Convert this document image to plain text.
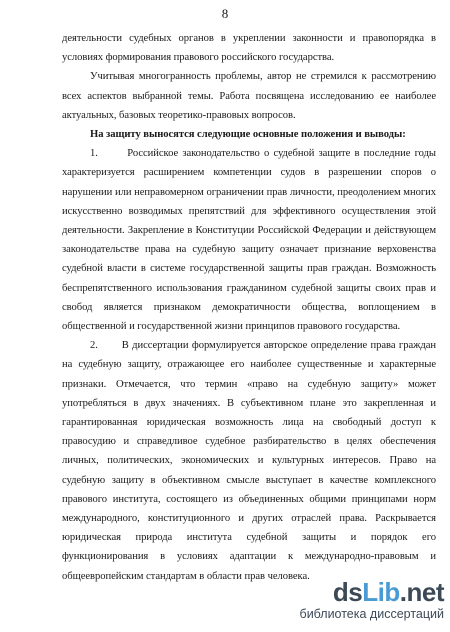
8

деятельности судебных органов в укреплении законности и правопорядка в условиях формирования правового российского государства.

Учитывая многогранность проблемы, автор не стремился к рассмотрению всех аспектов выбранной темы. Работа посвящена исследованию ее наиболее актуальных, базовых теоретико-правовых вопросов.

На защиту выносятся следующие основные положения и выводы:

1.	Российское законодательство о судебной защите в последние годы характеризуется расширением компетенции судов в разрешении споров о нарушении или неправомерном ограничении прав личности, преодолением многих искусственно возводимых препятствий для эффективного осуществления этой деятельности. Закрепление в Конституции Российской Федерации и действующем законодательстве права на судебную защиту означает признание верховенства судебной власти в системе государственной защиты прав граждан. Возможность беспрепятственного использования гражданином судебной защиты своих прав и свобод является признаком демократичности общества, воплощением в общественной и государственной жизни принципов правового государства.

2. В диссертации формулируется авторское определение права граждан на судебную защиту, отражающее его наиболее существенные и характерные признаки. Отмечается, что термин «право на судебную защиту» может употребляться в двух значениях. В субъективном плане это закрепленная и гарантированная юридическая возможность лица на свободный доступ к правосудию и справедливое судебное разбирательство в целях обеспечения личных, политических, экономических и культурных интересов. Право на судебную защиту в объективном смысле выступает в качестве комплексного правового института, состоящего из объединенных общими принципами норм международного, конституционного и других отраслей права. Раскрывается юридическая природа института судебной защиты и порядок его функционирования в условиях адаптации к международно-правовым и общеевропейским стандартам в области прав человека.

dsLib.net
библиотека диссертаций
